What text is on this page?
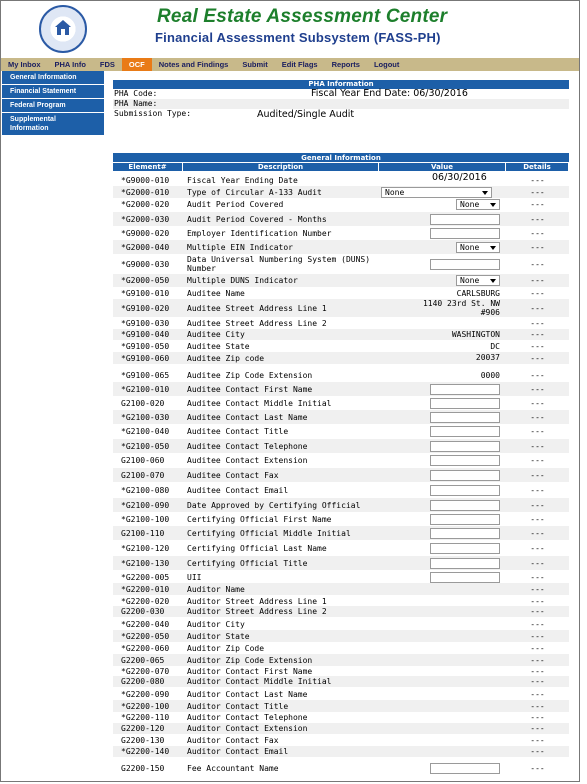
Real Estate Assessment Center
Financial Assessment Subsystem (FASS-PH)
My Inbox	PHA Info	FDS	OCF	Notes and Findings	Submit	Edit Flags	Reports	Logout
General Information
Financial Statement
Federal Program
Supplemental Information
PHA Information
PHA Code:	Fiscal Year End Date: 06/30/2016
PHA Name:
Submission Type:	Audited/Single Audit
General Information
Element#	Description	Value	Details
*G9000-010	Fiscal Year Ending Date	06/30/2016	---
*G2000-010	Type of Circular A-133 Audit	None	---
*G2000-020	Audit Period Covered	None	---
*G2000-030	Audit Period Covered - Months	---
*G9000-020	Employer Identification Number	---
*G2000-040	Multiple EIN Indicator	None	---
*G9000-030	Data Universal Numbering System (DUNS) Number	---
*G2000-050	Multiple DUNS Indicator	None	---
*G9100-010	Auditee Name	CARLSBURG	---
*G9100-020	Auditee Street Address Line 1	1140 23rd St. NW
#906	---
*G9100-030	Auditee Street Address Line 2	---
*G9100-040	Auditee City	WASHINGTON	---
*G9100-050	Auditee State	DC	---
*G9100-060	Auditee Zip code	20037	---
*G9100-065	Auditee Zip Code Extension	0000	---
*G2100-010	Auditee Contact First Name	---
G2100-020	Auditee Contact Middle Initial	---
*G2100-030	Auditee Contact Last Name	---
*G2100-040	Auditee Contact Title	---
*G2100-050	Auditee Contact Telephone	---
G2100-060	Auditee Contact Extension	---
G2100-070	Auditee Contact Fax	---
*G2100-080	Auditee Contact Email	---
*G2100-090	Date Approved by Certifying Official	---
*G2100-100	Certifying Official First Name	---
G2100-110	Certifying Official Middle Initial	---
*G2100-120	Certifying Official Last Name	---
*G2100-130	Certifying Official Title	---
*G2200-005	UII	---
*G2200-010	Auditor Name	---
*G2200-020	Auditor Street Address Line 1	---
G2200-030	Auditor Street Address Line 2	---
*G2200-040	Auditor City	---
*G2200-050	Auditor State	---
*G2200-060	Auditor Zip Code	---
G2200-065	Auditor Zip Code Extension	---
*G2200-070	Auditor Contact First Name	---
G2200-080	Auditor Contact Middle Initial	---
*G2200-090	Auditor Contact Last Name	---
*G2200-100	Auditor Contact Title	---
*G2200-110	Auditor Contact Telephone	---
G2200-120	Auditor Contact Extension	---
G2200-130	Auditor Contact Fax	---
*G2200-140	Auditor Contact Email	---
G2200-150	Fee Accountant Name	---
